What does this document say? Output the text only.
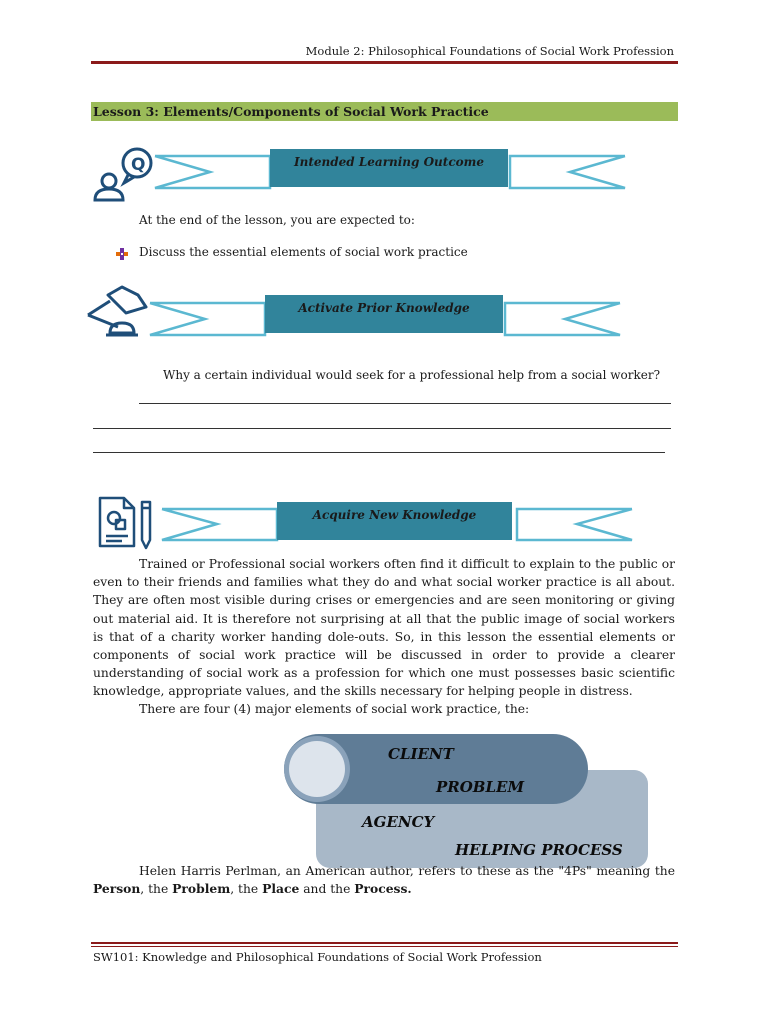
Module 2: Philosophical Foundations of Social Work Profession
Lesson 3: Elements/Components of Social Work Practice
Q	Intended Learning Outcome
At the end of the lesson, you are expected to:
Discuss the essential elements of social work practice
Activate Prior Knowledge
Why a certain individual would seek for a professional help from a social worker?
Acquire New Knowledge
Trained or Professional social workers often find it difficult to explain to the public or even to their friends and families what they do and what social worker practice is all about. They are often most visible during crises or emergencies and are seen monitoring or giving out material aid. It is therefore not surprising at all that the public image of social workers is that of a charity worker handing dole-outs. So, in this lesson the essential elements or components of social work practice will be discussed in order to provide a clearer understanding of social work as a profession for which one must possesses basic scientific knowledge, appropriate values, and the skills necessary for helping people in distress.
There are four (4) major elements of social work practice, the:
CLIENT
PROBLEM
AGENCY
HELPING PROCESS
Helen Harris Perlman, an American author, refers to these as the "4Ps" meaning the Person, the Problem, the Place and the Process.
SW101: Knowledge and Philosophical Foundations of Social Work Profession
